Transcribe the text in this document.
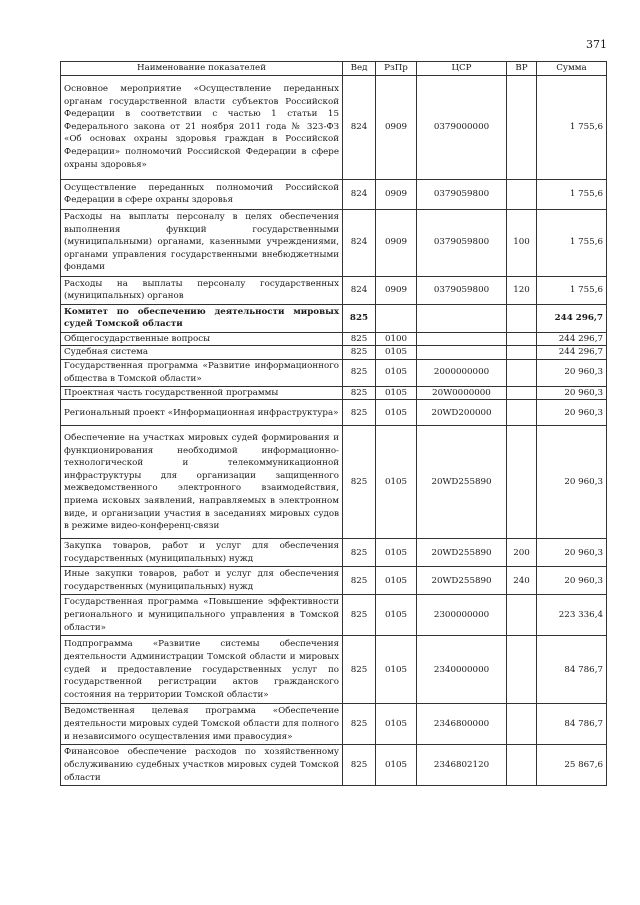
371
Наименование показателей	Вед	РзПр	ЦСР	ВР	Сумма
Основное мероприятие «Осуществление переданных органам государственной власти субъектов Российской Федерации в соответствии с частью 1 статьи 15 Федерального закона от 21 ноября 2011 года № 323-ФЗ «Об основах охраны здоровья граждан в Российской Федерации» полномочий Российской Федерации в сфере охраны здоровья»	824	0909	0379000000		1 755,6
Осуществление переданных полномочий Российской Федерации в сфере охраны здоровья	824	0909	0379059800		1 755,6
Расходы на выплаты персоналу в целях обеспечения выполнения функций государственными (муниципальными) органами, казенными учреждениями, органами управления государственными внебюджетными фондами	824	0909	0379059800	100	1 755,6
Расходы на выплаты персоналу государственных (муниципальных) органов	824	0909	0379059800	120	1 755,6
Комитет по обеспечению деятельности мировых судей Томской области	825				244 296,7
Общегосударственные вопросы	825	0100			244 296,7
Судебная система	825	0105			244 296,7
Государственная программа «Развитие информационного общества в Томской области»	825	0105	2000000000		20 960,3
Проектная часть государственной программы	825	0105	20W0000000		20 960,3
Региональный проект «Информационная инфраструктура»	825	0105	20WD200000		20 960,3
Обеспечение на участках мировых судей формирования и функционирования необходимой информационно-технологической и телекоммуникационной инфраструктуры для организации защищенного межведомственного электронного взаимодействия, приема исковых заявлений, направляемых в электронном виде, и организации участия в заседаниях мировых судов в режиме видео-конференц-связи	825	0105	20WD255890		20 960,3
Закупка товаров, работ и услуг для обеспечения государственных (муниципальных) нужд	825	0105	20WD255890	200	20 960,3
Иные закупки товаров, работ и услуг для обеспечения государственных (муниципальных) нужд	825	0105	20WD255890	240	20 960,3
Государственная программа «Повышение эффективности регионального и муниципального управления в Томской области»	825	0105	2300000000		223 336,4
Подпрограмма «Развитие системы обеспечения деятельности Администрации Томской области и мировых судей и предоставление государственных услуг по государственной регистрации актов гражданского состояния на территории Томской области»	825	0105	2340000000		84 786,7
Ведомственная целевая программа «Обеспечение деятельности мировых судей Томской области для полного и независимого осуществления ими правосудия»	825	0105	2346800000		84 786,7
Финансовое обеспечение расходов по хозяйственному обслуживанию судебных участков мировых судей Томской области	825	0105	2346802120		25 867,6
